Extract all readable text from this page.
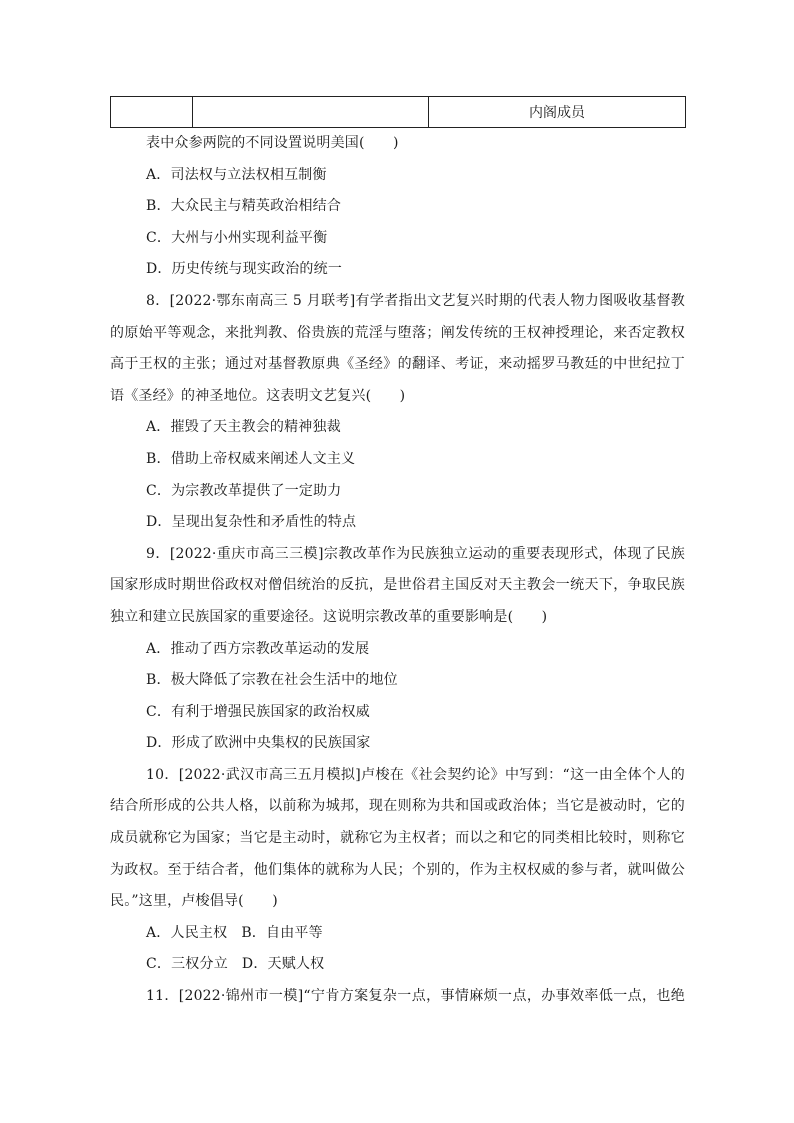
		内阁成员
表中众参两院的不同设置说明美国(　　)
A．司法权与立法权相互制衡
B．大众民主与精英政治相结合
C．大州与小州实现利益平衡
D．历史传统与现实政治的统一
8．[2022·鄂东南高三 5 月联考]有学者指出文艺复兴时期的代表人物力图吸收基督教
的原始平等观念，来批判教、俗贵族的荒淫与堕落；阐发传统的王权神授理论，来否定教权
高于王权的主张；通过对基督教原典《圣经》的翻译、考证，来动摇罗马教廷的中世纪拉丁
语《圣经》的神圣地位。这表明文艺复兴(　　)
A．摧毁了天主教会的精神独裁
B．借助上帝权威来阐述人文主义
C．为宗教改革提供了一定助力
D．呈现出复杂性和矛盾性的特点
9．[2022·重庆市高三三模]宗教改革作为民族独立运动的重要表现形式，体现了民族
国家形成时期世俗政权对僧侣统治的反抗，是世俗君主国反对天主教会一统天下，争取民族
独立和建立民族国家的重要途径。这说明宗教改革的重要影响是(　　)
A．推动了西方宗教改革运动的发展
B．极大降低了宗教在社会生活中的地位
C．有利于增强民族国家的政治权威
D．形成了欧洲中央集权的民族国家
10．[2022·武汉市高三五月模拟]卢梭在《社会契约论》中写到：“这一由全体个人的
结合所形成的公共人格，以前称为城邦，现在则称为共和国或政治体；当它是被动时，它的
成员就称它为国家；当它是主动时，就称它为主权者；而以之和它的同类相比较时，则称它
为政权。至于结合者，他们集体的就称为人民；个别的，作为主权权威的参与者，就叫做公
民。”这里，卢梭倡导(　　)
A．人民主权 B．自由平等
C．三权分立 D．天赋人权
11．[2022·锦州市一模]“宁肯方案复杂一点，事情麻烦一点，办事效率低一点，也绝
